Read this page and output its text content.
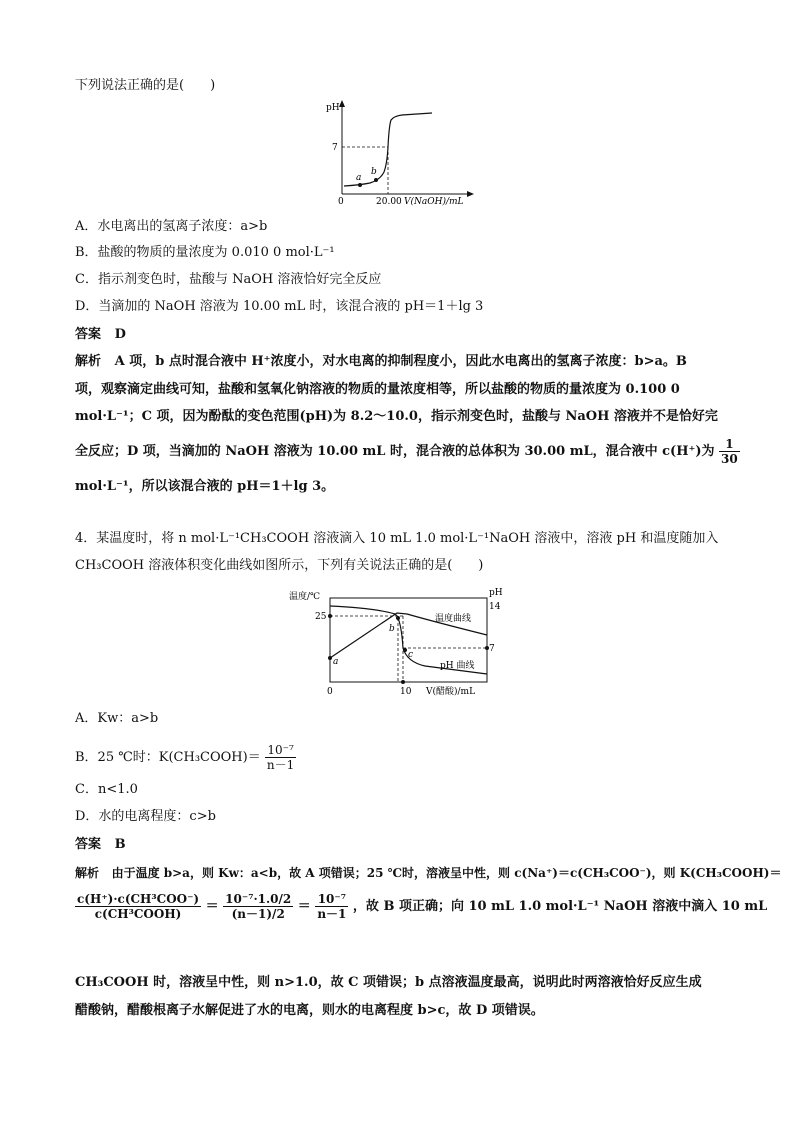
下列说法正确的是(　　)
pH
7
0	20.00 V(NaOH)/mL
a
b
A．水电离出的氢离子浓度：a>b
B．盐酸的物质的量浓度为 0.010 0 mol·L⁻¹
C．指示剂变色时，盐酸与 NaOH 溶液恰好完全反应
D．当滴加的 NaOH 溶液为 10.00 mL 时，该混合液的 pH＝1＋lg 3
答案 D
解析 A 项，b 点时混合液中 H⁺浓度小，对水电离的抑制程度小，因此水电离出的氢离子浓度：b>a。B
项，观察滴定曲线可知，盐酸和氢氧化钠溶液的物质的量浓度相等，所以盐酸的物质的量浓度为 0.100 0
mol·L⁻¹；C 项，因为酚酞的变色范围(pH)为 8.2～10.0，指示剂变色时，盐酸与 NaOH 溶液并不是恰好完
全反应；D 项，当滴加的 NaOH 溶液为 10.00 mL 时，混合液的总体积为 30.00 mL，混合液中 c(H⁺)为 $\frac{1}{30}$
mol·L⁻¹，所以该混合液的 pH＝1＋lg 3。
4．某温度时，将 n mol·L⁻¹CH₃COOH 溶液滴入 10 mL 1.0 mol·L⁻¹NaOH 溶液中，溶液 pH 和温度随加入
CH₃COOH 溶液体积变化曲线如图所示，下列有关说法正确的是(　　)
温度/℃	pH
25
14
7
0	10 V(醋酸)/mL
a
b
c
温度曲线
pH 曲线
A．Kw：a>b
B．25 ℃时：K(CH₃COOH)＝ $\frac{\text{10⁻⁷}}{n-1}$
C．n<1.0
D．水的电离程度：c>b
答案 B
解析 由于温度 b>a，则 Kw：a<b，故 A 项错误；25 ℃时，溶液呈中性，则 c(Na⁺)＝c(CH₃COO⁻)，则 K(CH₃COOH)＝
$\frac{\text{c(H⁺)·c(CH³COO⁻)}}{\text{c(CH³COOH)}} = \frac{\text{10⁻⁷·1.0/2}}{(n-1)/2} = \frac{\text{10⁻⁷}}{n-1}$ ，故 B 项正确；向 10 mL 1.0 mol·L⁻¹ NaOH 溶液中滴入 10 mL
CH₃COOH 时，溶液呈中性，则 n>1.0，故 C 项错误；b 点溶液温度最高，说明此时两溶液恰好反应生成
醋酸钠，醋酸根离子水解促进了水的电离，则水的电离程度 b>c，故 D 项错误。
